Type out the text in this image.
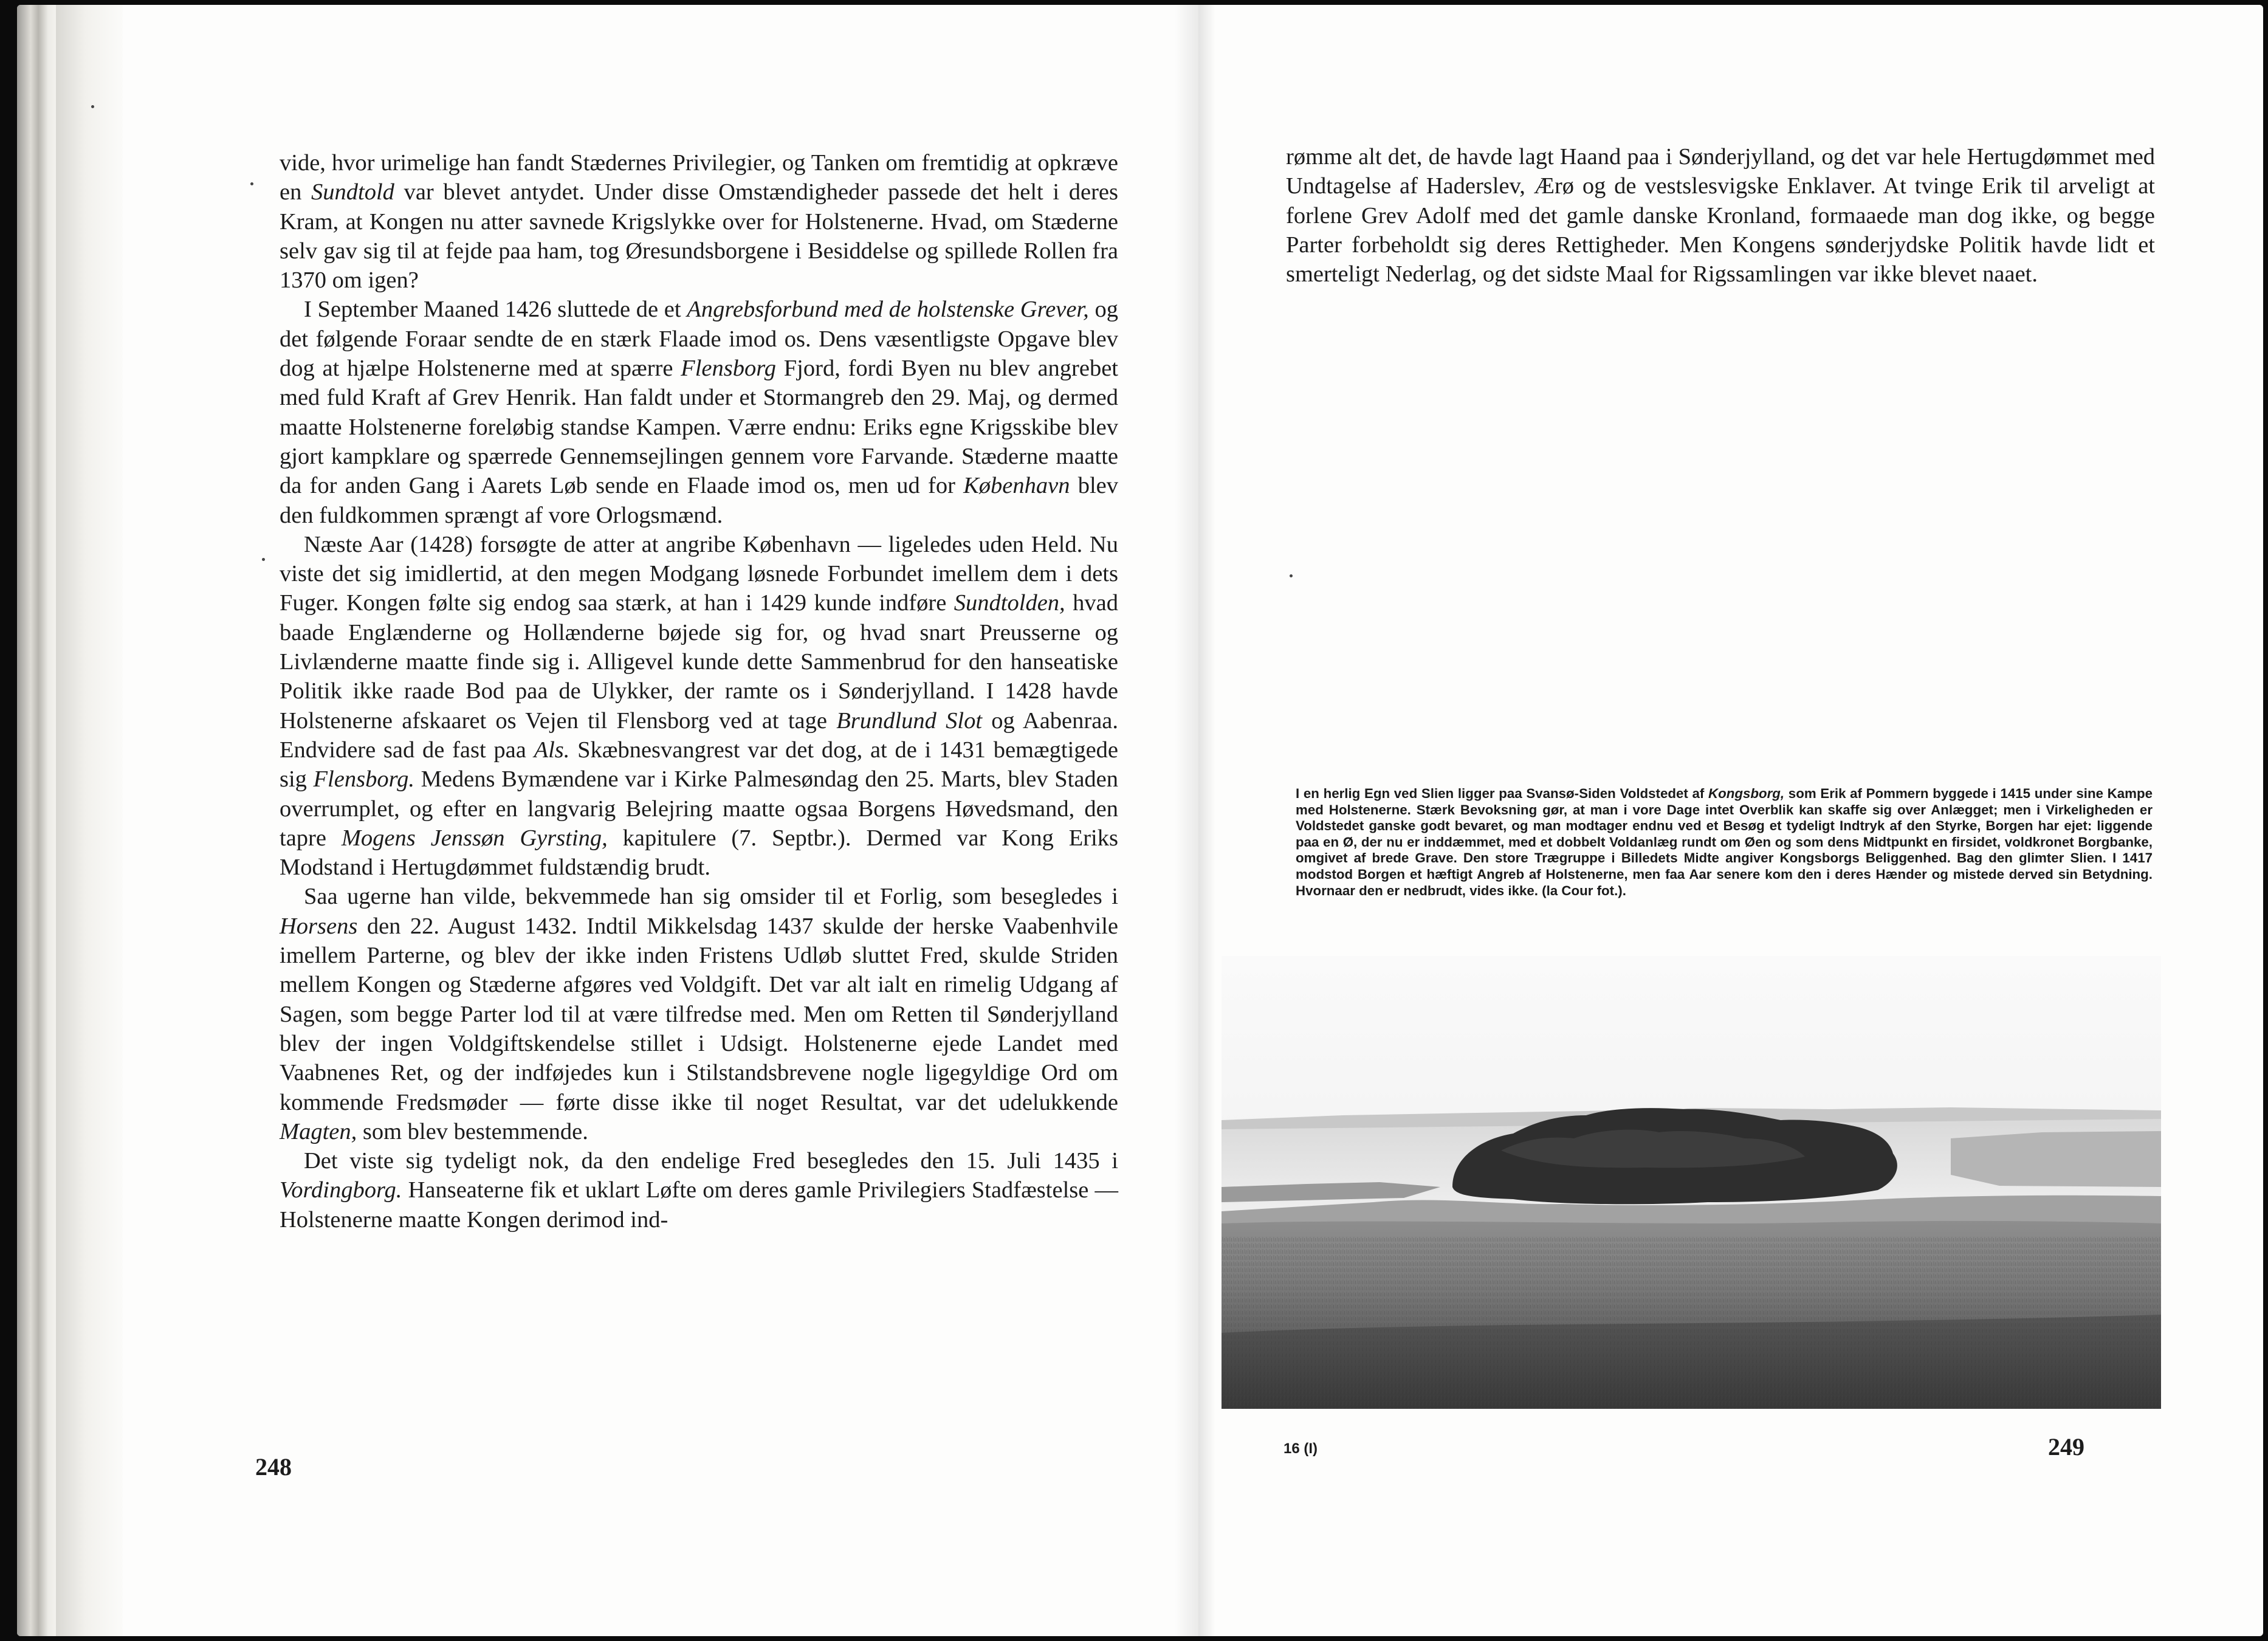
vide, hvor urimelige han fandt Stædernes Privilegier, og Tanken om fremtidig at opkræve en Sundtold var blevet antydet. Under disse Omstændigheder passede det helt i deres Kram, at Kongen nu atter savnede Krigslykke over for Holstenerne. Hvad, om Stæderne selv gav sig til at fejde paa ham, tog Øresundsborgene i Besiddelse og spillede Rollen fra 1370 om igen?

I September Maaned 1426 sluttede de et Angrebsforbund med de holstenske Grever, og det følgende Foraar sendte de en stærk Flaade imod os. Dens væsentligste Opgave blev dog at hjælpe Holstenerne med at spærre Flensborg Fjord, fordi Byen nu blev angrebet med fuld Kraft af Grev Henrik. Han faldt under et Stormangreb den 29. Maj, og dermed maatte Holstenerne foreløbig standse Kampen. Værre endnu: Eriks egne Krigsskibe blev gjort kampklare og spærrede Gennemsejlingen gennem vore Farvande. Stæderne maatte da for anden Gang i Aarets Løb sende en Flaade imod os, men ud for København blev den fuldkommen sprængt af vore Orlogsmænd.

Næste Aar (1428) forsøgte de atter at angribe København — ligeledes uden Held. Nu viste det sig imidlertid, at den megen Modgang løsnede Forbundet imellem dem i dets Fuger. Kongen følte sig endog saa stærk, at han i 1429 kunde indføre Sundtolden, hvad baade Englænderne og Hollænderne bøjede sig for, og hvad snart Preusserne og Livlænderne maatte finde sig i. Alligevel kunde dette Sammenbrud for den hanseatiske Politik ikke raade Bod paa de Ulykker, der ramte os i Sønderjylland. I 1428 havde Holstenerne afskaaret os Vejen til Flensborg ved at tage Brundlund Slot og Aabenraa. Endvidere sad de fast paa Als. Skæbnesvangrest var det dog, at de i 1431 bemægtigede sig Flensborg. Medens Bymændene var i Kirke Palmesøndag den 25. Marts, blev Staden overrumplet, og efter en langvarig Belejring maatte ogsaa Borgens Høvedsmand, den tapre Mogens Jenssøn Gyrsting, kapitulere (7. Septbr.). Dermed var Kong Eriks Modstand i Hertugdømmet fuldstændig brudt.

Saa ugerne han vilde, bekvemmede han sig omsider til et Forlig, som besegledes i Horsens den 22. August 1432. Indtil Mikkelsdag 1437 skulde der herske Vaabenhvile imellem Parterne, og blev der ikke inden Fristens Udløb sluttet Fred, skulde Striden mellem Kongen og Stæderne afgøres ved Voldgift. Det var alt ialt en rimelig Udgang af Sagen, som begge Parter lod til at være tilfredse med. Men om Retten til Sønderjylland blev der ingen Voldgiftskendelse stillet i Udsigt. Holstenerne ejede Landet med Vaabnenes Ret, og der indføjedes kun i Stilstandsbrevene nogle ligegyldige Ord om kommende Fredsmøder — førte disse ikke til noget Resultat, var det udelukkende Magten, som blev bestemmende.

Det viste sig tydeligt nok, da den endelige Fred besegledes den 15. Juli 1435 i Vordingborg. Hanseaterne fik et uklart Løfte om deres gamle Privilegiers Stadfæstelse — Holstenerne maatte Kongen derimod ind-

248

rømme alt det, de havde lagt Haand paa i Sønderjylland, og det var hele Hertugdømmet med Undtagelse af Haderslev, Ærø og de vestslesvigske Enklaver. At tvinge Erik til arveligt at forlene Grev Adolf med det gamle danske Kronland, formaaede man dog ikke, og begge Parter forbeholdt sig deres Rettigheder. Men Kongens sønderjydske Politik havde lidt et smerteligt Nederlag, og det sidste Maal for Rigssamlingen var ikke blevet naaet.

I en herlig Egn ved Slien ligger paa Svansø-Siden Voldstedet af Kongsborg, som Erik af Pommern byggede i 1415 under sine Kampe med Holstenerne. Stærk Bevoksning gør, at man i vore Dage intet Overblik kan skaffe sig over Anlægget; men i Virkeligheden er Voldstedet ganske godt bevaret, og man modtager endnu ved et Besøg et tydeligt Indtryk af den Styrke, Borgen har ejet: liggende paa en Ø, der nu er inddæmmet, med et dobbelt Voldanlæg rundt om Øen og som dens Midtpunkt en firsidet, voldkronet Borgbanke, omgivet af brede Grave. Den store Trægruppe i Billedets Midte angiver Kongsborgs Beliggenhed. Bag den glimter Slien. I 1417 modstod Borgen et hæftigt Angreb af Holstenerne, men faa Aar senere kom den i deres Hænder og mistede derved sin Betydning. Hvornaar den er nedbrudt, vides ikke. (la Cour fot.).
16 (I)	249
